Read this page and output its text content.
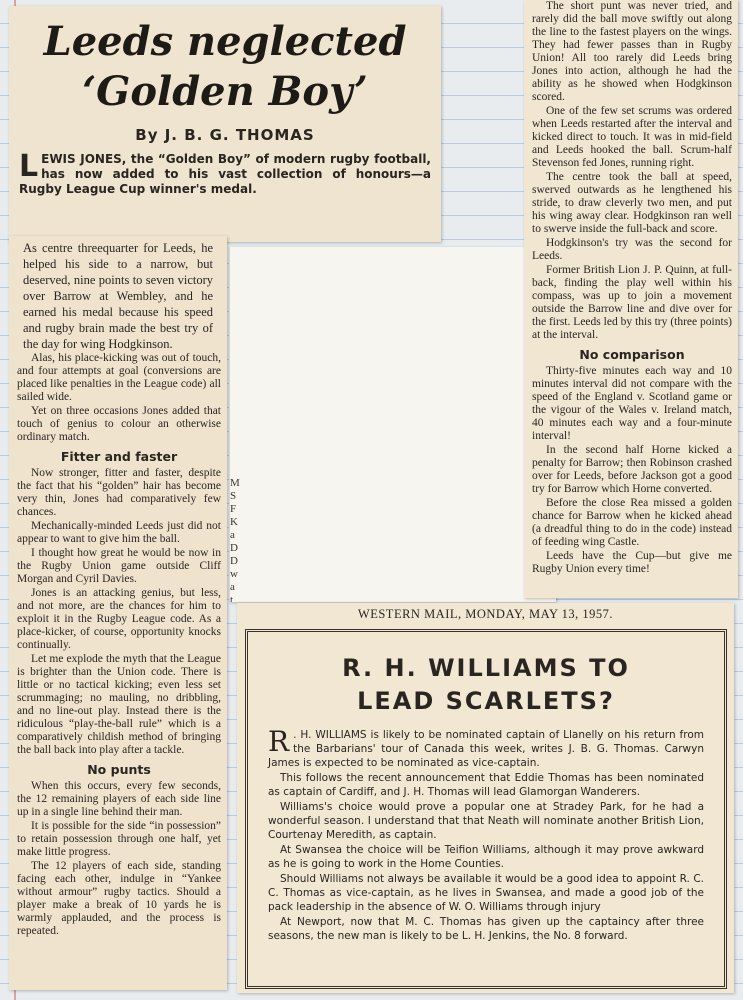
Leeds neglected
‘Golden Boy’
By J. B. G. THOMAS
LEWIS JONES, the “Golden Boy” of modern rugby football, has now added to his vast collection of honours—a Rugby League Cup winner's medal.
As centre threequarter for Leeds, he helped his side to a narrow, but deserved, nine points to seven victory over Barrow at Wembley, and he earned his medal because his speed and rugby brain made the best try of the day for wing Hodgkinson.

Alas, his place-kicking was out of touch, and four attempts at goal (conversions are placed like penalties in the League code) all sailed wide.

Yet on three occasions Jones added that touch of genius to colour an otherwise ordinary match.

Fitter and faster

Now stronger, fitter and faster, despite the fact that his “golden” hair has become very thin, Jones had comparatively few chances.

Mechanically-minded Leeds just did not appear to want to give him the ball.

I thought how great he would be now in the Rugby Union game outside Cliff Morgan and Cyril Davies.

Jones is an attacking genius, but less, and not more, are the chances for him to exploit it in the Rugby League code. As a place-kicker, of course, opportunity knocks continually.

Let me explode the myth that the League is brighter than the Union code. There is little or no tactical kicking; even less set scrummaging; no mauling, no dribbling, and no line-out play. Instead there is the ridiculous “play-the-ball rule” which is a comparatively childish method of bringing the ball back into play after a tackle.

No punts

When this occurs, every few seconds, the 12 remaining players of each side line up in a single line behind their man.

It is possible for the side “in possession” to retain possession through one half, yet make little progress.

The 12 players of each side, standing facing each other, indulge in “Yankee without armour” rugby tactics. Should a player make a break of 10 yards he is warmly applauded, and the process is repeated.

M S F K a D D w a t

The short punt was never tried, and rarely did the ball move swiftly out along the line to the fastest players on the wings. They had fewer passes than in Rugby Union! All too rarely did Leeds bring Jones into action, although he had the ability as he showed when Hodgkinson scored.

One of the few set scrums was ordered when Leeds restarted after the interval and kicked direct to touch. It was in mid-field and Leeds hooked the ball. Scrum-half Stevenson fed Jones, running right.

The centre took the ball at speed, swerved outwards as he lengthened his stride, to draw cleverly two men, and put his wing away clear. Hodgkinson ran well to swerve inside the full-back and score.

Hodgkinson's try was the second for Leeds.

Former British Lion J. P. Quinn, at full-back, finding the play well within his compass, was up to join a movement outside the Barrow line and dive over for the first. Leeds led by this try (three points) at the interval.

No comparison

Thirty-five minutes each way and 10 minutes interval did not compare with the speed of the England v. Scotland game or the vigour of the Wales v. Ireland match, 40 minutes each way and a four-minute interval!

In the second half Horne kicked a penalty for Barrow; then Robinson crashed over for Leeds, before Jackson got a good try for Barrow which Horne converted.

Before the close Rea missed a golden chance for Barrow when he kicked ahead (a dreadful thing to do in the code) instead of feeding wing Castle.

Leeds have the Cup—but give me Rugby Union every time!

WESTERN MAIL, MONDAY, MAY 13, 1957.
R. H. WILLIAMS TO
LEAD SCARLETS?

R . H. WILLIAMS is likely to be nominated captain of Llanelly on his return from the Barbarians' tour of Canada this week, writes J. B. G. Thomas. Carwyn James is expected to be nominated as vice-captain.

This follows the recent announcement that Eddie Thomas has been nominated as captain of Cardiff, and J. H. Thomas will lead Glamorgan Wanderers.

Williams's choice would prove a popular one at Stradey Park, for he had a wonderful season. I understand that that Neath will nominate another British Lion, Courtenay Meredith, as captain.

At Swansea the choice will be Teifion Williams, although it may prove awkward as he is going to work in the Home Counties.

Should Williams not always be available it would be a good idea to appoint R. C. C. Thomas as vice-captain, as he lives in Swansea, and made a good job of the pack leadership in the absence of W. O. Williams through injury

At Newport, now that M. C. Thomas has given up the captaincy after three seasons, the new man is likely to be L. H. Jenkins, the No. 8 forward.
